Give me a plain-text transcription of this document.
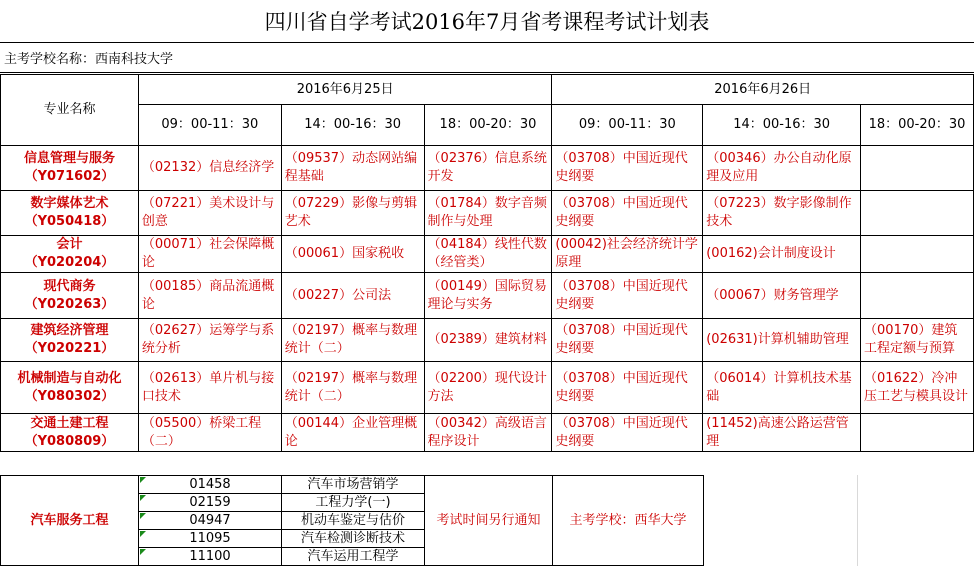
四川省自学考试2016年7月省考课程考试计划表
主考学校名称：西南科技大学
专业名称	2016年6月25日			2016年6月26日		
	09：00-11：30	14：00-16：30	18：00-20：30	09：00-11：30	14：00-16：30	18：00-20：30
信息管理与服务
（Y071602）	（02132）信息经济学	（09537）动态网站编程基础	（02376）信息系统开发	（03708）中国近现代史纲要	（00346）办公自动化原理及应用	
数字媒体艺术
（Y050418）	（07221）美术设计与创意	（07229）影像与剪辑艺术	（01784）数字音频制作与处理	（03708）中国近现代史纲要	（07223）数字影像制作技术	
会计
（Y020204）	（00071）社会保障概论	（00061）国家税收	（04184）线性代数（经管类）	(00042)社会经济统计学原理	(00162)会计制度设计	
现代商务
（Y020263）	（00185）商品流通概论	（00227）公司法	（00149）国际贸易理论与实务	（03708）中国近现代史纲要	（00067）财务管理学	
建筑经济管理
（Y020221）	（02627）运筹学与系统分析	（02197）概率与数理统计（二）	（02389）建筑材料	（03708）中国近现代史纲要	(02631)计算机辅助管理	（00170）建筑工程定额与预算
机械制造与自动化
（Y080302）	（02613）单片机与接口技术	（02197）概率与数理统计（二）	（02200）现代设计方法	（03708）中国近现代史纲要	（06014）计算机技术基础	（01622）冷冲压工艺与模具设计
交通土建工程
（Y080809）	（05500）桥梁工程（二）	（00144）企业管理概论	（00342）高级语言程序设计	（03708）中国近现代史纲要	(11452)高速公路运营管理	
汽车服务工程	01458	汽车市场营销学	考试时间另行通知	主考学校：西华大学

02159	工程力学(一)		

04947	机动车鉴定与估价		

11095	汽车检测诊断技术		

11100	汽车运用工程学		
